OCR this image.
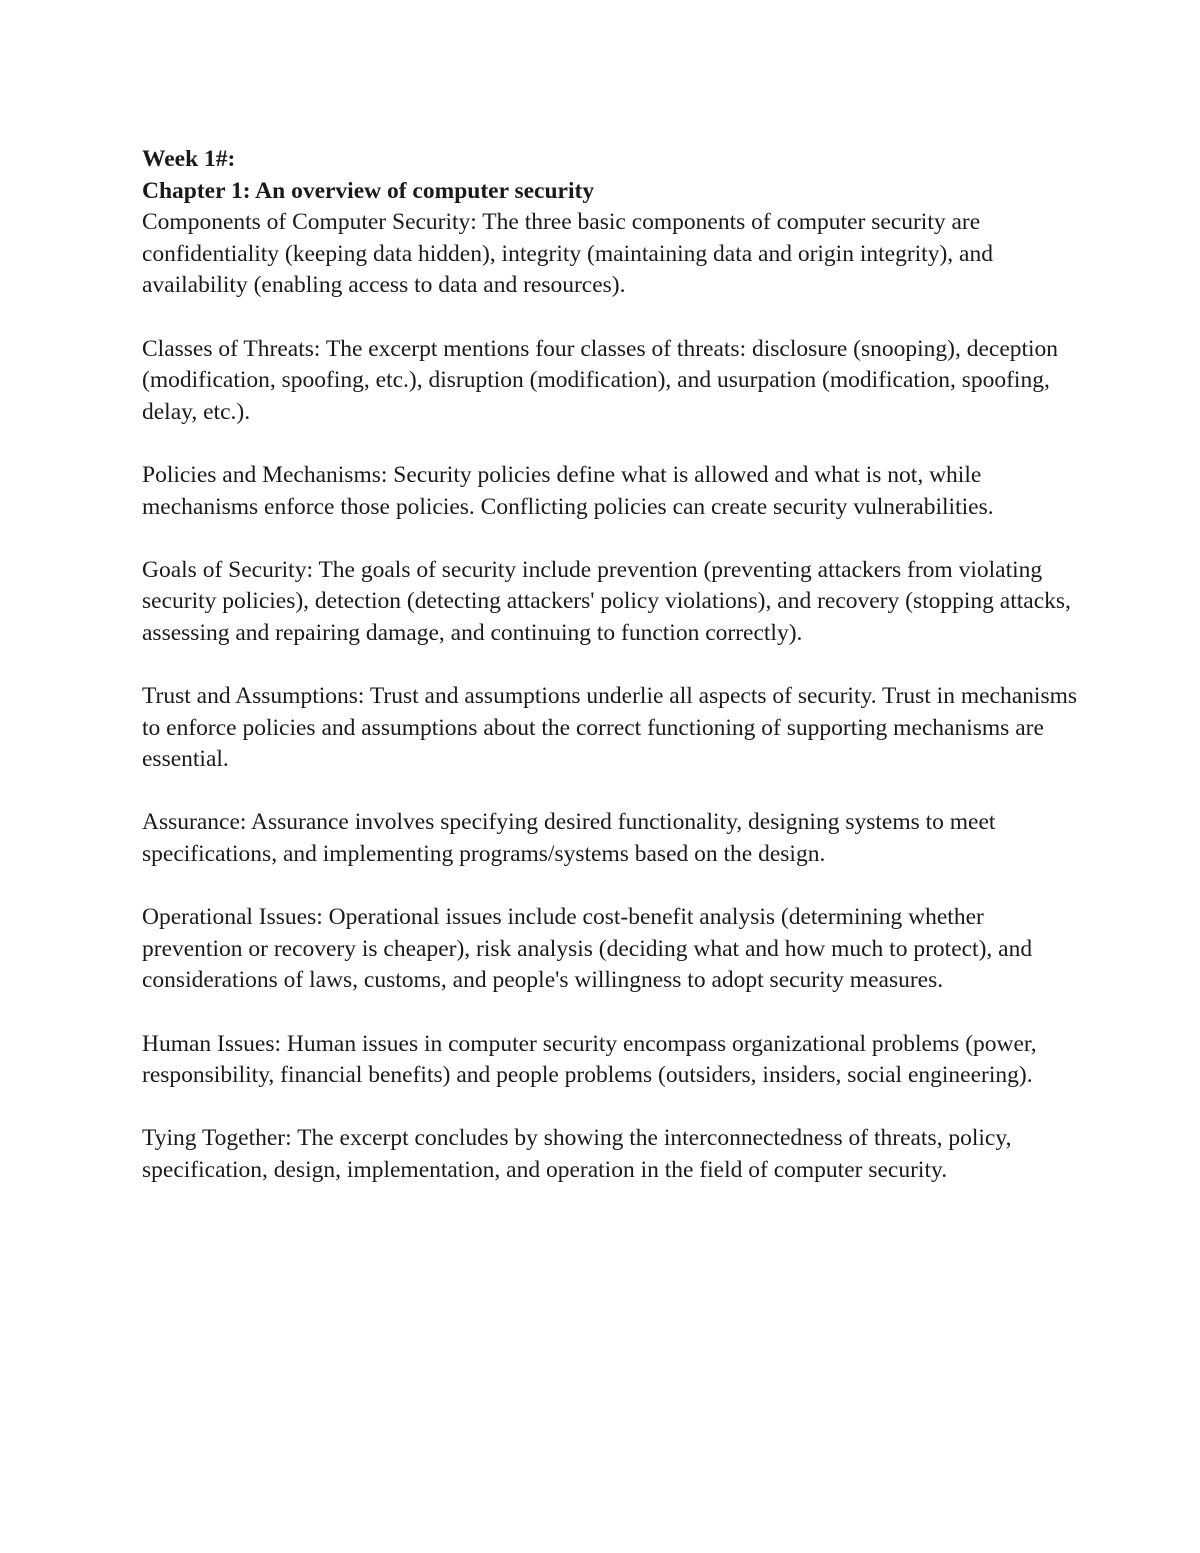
Week 1#:

Chapter 1: An overview of computer security

Components of Computer Security: The three basic components of computer security are confidentiality (keeping data hidden), integrity (maintaining data and origin integrity), and availability (enabling access to data and resources).

Classes of Threats: The excerpt mentions four classes of threats: disclosure (snooping), deception (modification, spoofing, etc.), disruption (modification), and usurpation (modification, spoofing, delay, etc.).

Policies and Mechanisms: Security policies define what is allowed and what is not, while mechanisms enforce those policies. Conflicting policies can create security vulnerabilities.

Goals of Security: The goals of security include prevention (preventing attackers from violating security policies), detection (detecting attackers' policy violations), and recovery (stopping attacks, assessing and repairing damage, and continuing to function correctly).

Trust and Assumptions: Trust and assumptions underlie all aspects of security. Trust in mechanisms to enforce policies and assumptions about the correct functioning of supporting mechanisms are essential.

Assurance: Assurance involves specifying desired functionality, designing systems to meet specifications, and implementing programs/systems based on the design.

Operational Issues: Operational issues include cost-benefit analysis (determining whether prevention or recovery is cheaper), risk analysis (deciding what and how much to protect), and considerations of laws, customs, and people's willingness to adopt security measures.

Human Issues: Human issues in computer security encompass organizational problems (power, responsibility, financial benefits) and people problems (outsiders, insiders, social engineering).

Tying Together: The excerpt concludes by showing the interconnectedness of threats, policy, specification, design, implementation, and operation in the field of computer security.
